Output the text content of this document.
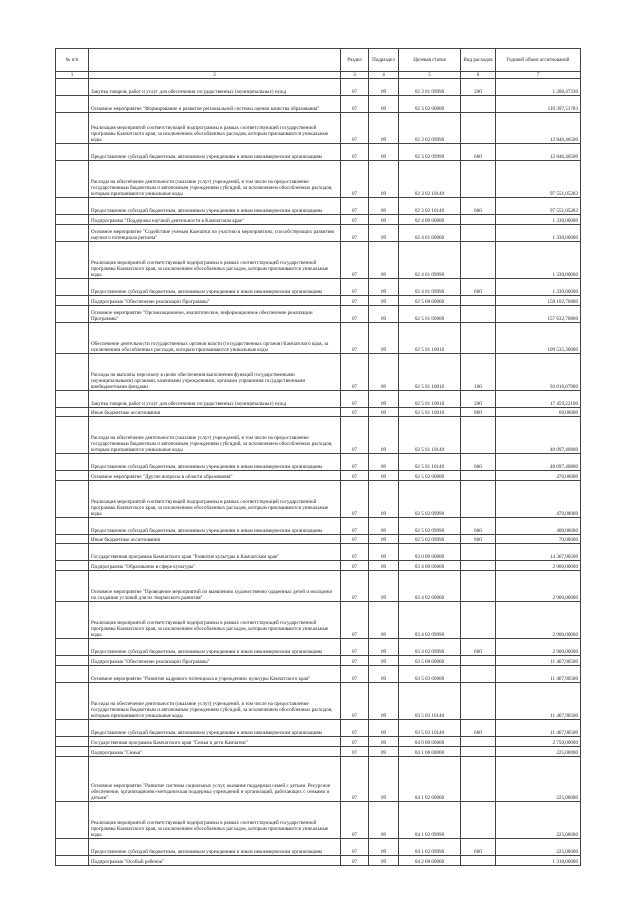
№ п/п		Раздел	Подраздел	Целевая статья	Вид расходов	Годовой объем ассигнований
1	2	3	4	5	6	7
	Закупка товаров, работ и услуг для обеспечения государственных (муниципальных) нужд	07	09	02 3 01 09990	200	1 200,47330
	Основное мероприятие "Формирование и развитие региональной системы оценки качества образования"	07	09	02 3 02 00000		110 397,51783
	Реализация мероприятий соответствующей подпрограммы в рамках соответствующей государственной программы Камчатского края, за исключением обособленных расходов, которым присваиваются уникальные коды	07	09	02 3 02 09990		12 846,46500
	Предоставление субсидий бюджетным, автономным учреждениям и иным некоммерческим организациям	07	09	02 3 02 09990	600	12 846,46500
	Расходы на обеспечение деятельности (оказание услуг) учреждений, в том числе на предоставление государственным бюджетным и автономным учреждениям субсидий, за исключением обособленных расходов, которым присваиваются уникальные коды	07	09	02 3 02 10140		97 551,05283
	Предоставление субсидий бюджетным, автономным учреждениям и иным некоммерческим организациям	07	09	02 3 02 10140	600	97 551,05283
	Подпрограмма "Поддержка научной деятельности в Камчатском крае"	07	09	02 4 00 00000		1 330,00000
	Основное мероприятие "Содействие ученым Камчатки по участию в мероприятиях, способствующих развитию научного потенциала региона"	07	09	02 4 01 00000		1 330,00000
	Реализация мероприятий соответствующей подпрограммы в рамках соответствующей государственной программы Камчатского края, за исключением обособленных расходов, которым присваиваются уникальные коды	07	09	02 4 01 09990		1 330,00000
	Предоставление субсидий бюджетным, автономным учреждениям и иным некоммерческим организациям	07	09	02 4 01 09990	600	1 330,00000
	Подпрограмма "Обеспечение реализации Программы"	07	09	02 5 00 00000		158 102,70800
	Основное мероприятие "Организационное, аналитическое, информационное обеспечение реализации Программы"	07	09	02 5 01 00000		157 632,70800
	Обеспечение деятельности государственных органов власти (государственных органов) Камчатского края, за исключением обособленных расходов, которым присваиваются уникальные коды	07	09	02 5 01 10010		109 535,30000
	Расходы на выплаты персоналу в целях обеспечения выполнения функций государственными (муниципальными) органами, казенными учреждениями, органами управления государственными внебюджетными фондами	07	09	02 5 01 10010	100	92 016,07900
	Закупка товаров, работ и услуг для обеспечения государственных (муниципальных) нужд	07	09	02 5 01 10010	200	17 459,22100
	Иные бюджетные ассигнования	07	09	02 5 01 10010	800	60,00000
	Расходы на обеспечение деятельности (оказание услуг) учреждений, в том числе на предоставление государственным бюджетным и автономным учреждениям субсидий, за исключением обособленных расходов, которым присваиваются уникальные коды	07	09	02 5 01 10140		48 097,40800
	Предоставление субсидий бюджетным, автономным учреждениям и иным некоммерческим организациям	07	09	02 5 01 10140	600	48 097,40800
	Основное мероприятие "Другие вопросы в области образования"	07	09	02 5 02 00000		470,00000
	Реализация мероприятий соответствующей подпрограммы в рамках соответствующей государственной программы Камчатского края, за исключением обособленных расходов, которым присваиваются уникальные коды	07	09	02 5 02 09990		470,00000
	Предоставление субсидий бюджетным, автономным учреждениям и иным некоммерческим организациям	07	09	02 5 02 09990	600	400,00000
	Иные бюджетные ассигнования	07	09	02 5 02 09990	800	70,00000
	Государственная программа Камчатского края "Развитие культуры в Камчатском крае"	07	09	03 0 00 00000		14 367,90500
	Подпрограмма "Образование в сфере культуры"	07	09	03 4 00 00000		2 900,00000
	Основное мероприятие "Проведение мероприятий по выявлению художественно одаренных детей и молодежи по созданию условий для их творческого развития"	07	09	03 4 02 00000		2 900,00000
	Реализация мероприятий соответствующей подпрограммы в рамках соответствующей государственной программы Камчатского края, за исключением обособленных расходов, которым присваиваются уникальные коды	07	09	03 4 02 09990		2 900,00000
	Предоставление субсидий бюджетным, автономным учреждениям и иным некоммерческим организациям	07	09	03 4 02 09990	600	2 900,00000
	Подпрограмма "Обеспечение реализации Программы"	07	09	03 5 00 00000		11 467,90500
	Основное мероприятие "Развитие кадрового потенциала в учреждениях культуры Камчатского края"	07	09	03 5 03 00000		11 467,90500
	Расходы на обеспечение деятельности (оказание услуг) учреждений, в том числе на предоставление государственным бюджетным и автономным учреждениям субсидий, за исключением обособленных расходов, которым присваиваются уникальные коды	07	09	03 5 03 10140		11 467,90500
	Предоставление субсидий бюджетным, автономным учреждениям и иным некоммерческим организациям	07	09	03 5 03 10140	600	11 467,90500
	Государственная программа Камчатского края "Семья и дети Камчатки"	07	09	04 0 00 00000		2 750,00000
	Подпрограмма "Семья"	07	09	04 1 00 00000		225,00000
	Основное мероприятие "Развитие системы социальных услуг, оказание поддержки семей с детьми. Ресурсное обеспечение, организационно-методическая поддержка учреждений и организаций, работающих с семьями и детьми"	07	09	04 1 02 00000		225,00000
	Реализация мероприятий соответствующей подпрограммы в рамках соответствующей государственной программы Камчатского края, за исключением обособленных расходов, которым присваиваются уникальные коды	07	09	04 1 02 09990		225,00000
	Предоставление субсидий бюджетным, автономным учреждениям и иным некоммерческим организациям	07	09	04 1 02 09990	600	225,00000
	Подпрограмма "Особый ребенок"	07	09	04 2 00 00000		1 310,00000
